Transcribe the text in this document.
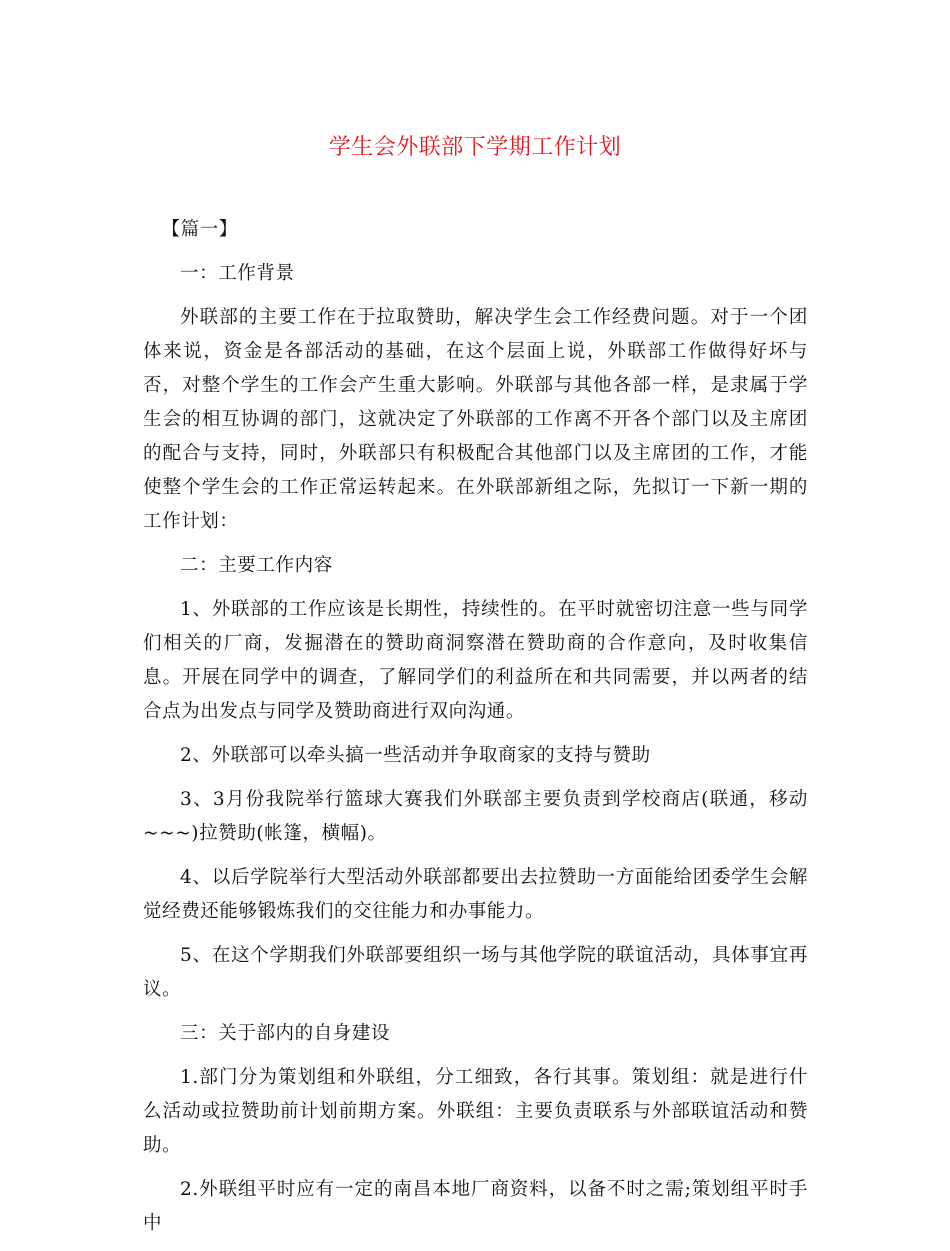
学生会外联部下学期工作计划

【篇一】

一：工作背景

外联部的主要工作在于拉取赞助，解决学生会工作经费问题。对于一个团体来说，资金是各部活动的基础，在这个层面上说，外联部工作做得好坏与否，对整个学生的工作会产生重大影响。外联部与其他各部一样，是隶属于学生会的相互协调的部门，这就决定了外联部的工作离不开各个部门以及主席团的配合与支持，同时，外联部只有积极配合其他部门以及主席团的工作，才能使整个学生会的工作正常运转起来。在外联部新组之际，先拟订一下新一期的工作计划：

二：主要工作内容

1、外联部的工作应该是长期性，持续性的。在平时就密切注意一些与同学们相关的厂商，发掘潜在的赞助商洞察潜在赞助商的合作意向，及时收集信息。开展在同学中的调查，了解同学们的利益所在和共同需要，并以两者的结合点为出发点与同学及赞助商进行双向沟通。

2、外联部可以牵头搞一些活动并争取商家的支持与赞助

3、3月份我院举行篮球大赛我们外联部主要负责到学校商店(联通，移动~~~)拉赞助(帐篷，横幅)。

4、以后学院举行大型活动外联部都要出去拉赞助一方面能给团委学生会解觉经费还能够锻炼我们的交往能力和办事能力。

5、在这个学期我们外联部要组织一场与其他学院的联谊活动，具体事宜再议。

三：关于部内的自身建设

1.部门分为策划组和外联组，分工细致，各行其事。策划组：就是进行什么活动或拉赞助前计划前期方案。外联组：主要负责联系与外部联谊活动和赞助。

2.外联组平时应有一定的南昌本地厂商资料，以备不时之需;策划组平时手中
